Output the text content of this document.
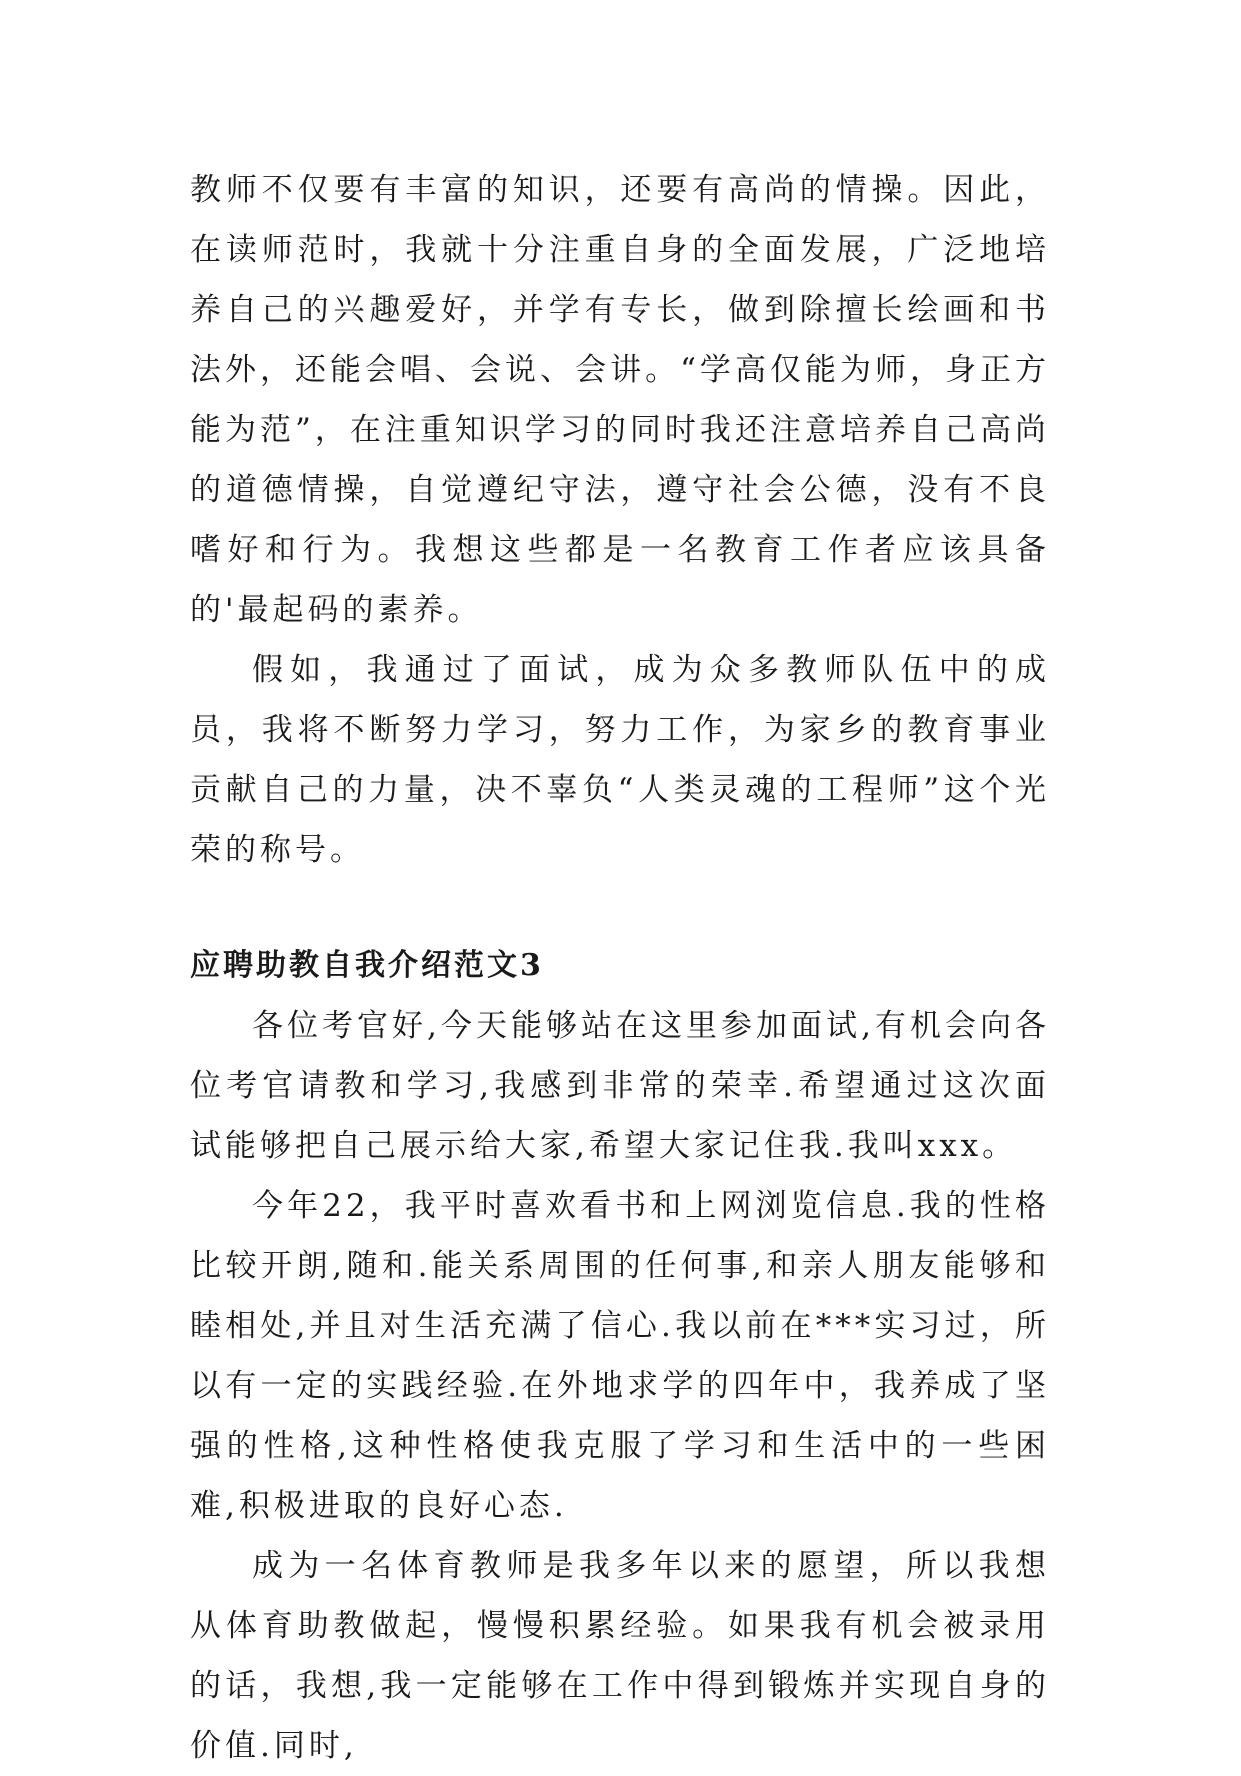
教师不仅要有丰富的知识，还要有高尚的情操。因此，在读师范时，我就十分注重自身的全面发展，广泛地培养自己的兴趣爱好，并学有专长，做到除擅长绘画和书法外，还能会唱、会说、会讲。“学高仅能为师，身正方能为范”，在注重知识学习的同时我还注意培养自己高尚的道德情操，自觉遵纪守法，遵守社会公德，没有不良嗜好和行为。我想这些都是一名教育工作者应该具备的'最起码的素养。

假如，我通过了面试，成为众多教师队伍中的成员，我将不断努力学习，努力工作，为家乡的教育事业贡献自己的力量，决不辜负“人类灵魂的工程师”这个光荣的称号。

应聘助教自我介绍范文3

各位考官好,今天能够站在这里参加面试,有机会向各位考官请教和学习,我感到非常的荣幸.希望通过这次面试能够把自己展示给大家,希望大家记住我.我叫xxx。

今年22，我平时喜欢看书和上网浏览信息.我的性格比较开朗,随和.能关系周围的任何事,和亲人朋友能够和睦相处,并且对生活充满了信心.我以前在***实习过，所以有一定的实践经验.在外地求学的四年中，我养成了坚强的性格,这种性格使我克服了学习和生活中的一些困难,积极进取的良好心态.

成为一名体育教师是我多年以来的愿望，所以我想从体育助教做起，慢慢积累经验。如果我有机会被录用的话，我想,我一定能够在工作中得到锻炼并实现自身的价值.同时,
